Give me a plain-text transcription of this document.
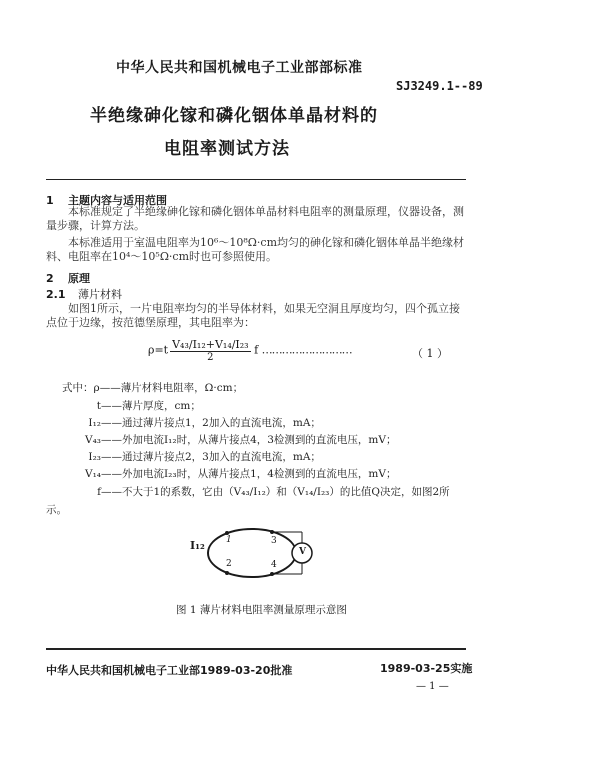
中华人民共和国机械电子工业部部标准
SJ3249.1--89
半绝缘砷化镓和磷化铟体单晶材料的
电阻率测试方法
1 主题内容与适用范围
本标准规定了半绝缘砷化镓和磷化铟体单晶材料电阻率的测量原理，仪器设备，测量步骤，计算方法。
本标准适用于室温电阻率为10⁶～10⁸Ω·cm均匀的砷化镓和磷化铟体单晶半绝缘材料、电阻率在10⁴～10⁵Ω·cm时也可参照使用。
2 原理
2.1 薄片材料
如图1所示，一片电阻率均匀的半导体材料，如果无空洞且厚度均匀，四个孤立接点位于边缘，按范德堡原理，其电阻率为：
$\rho=t \frac{\text{V₄₃/I₁₂+V₁₄/I₂₃}}{2}$ f ………………………	（ 1 ）
式中：ρ——薄片材料电阻率，Ω·cm；
t——薄片厚度，cm；
I₁₂——通过薄片接点1，2加入的直流电流，mA；
V₄₃——外加电流I₁₂时，从薄片接点4，3检测到的直流电压，mV；
I₂₃——通过薄片接点2，3加入的直流电流，mA；
V₁₄——外加电流I₂₃时，从薄片接点1，4检测到的直流电压，mV；
f——不大于1的系数，它由（V₄₃/I₁₂）和（V₁₄/I₂₃）的比值Q决定，如图2所
示。
I₁₂ 1
2
3
4
V
图 1 薄片材料电阻率测量原理示意图
中华人民共和国机械电子工业部1989-03-20批准	1989-03-25实施
— 1 —
